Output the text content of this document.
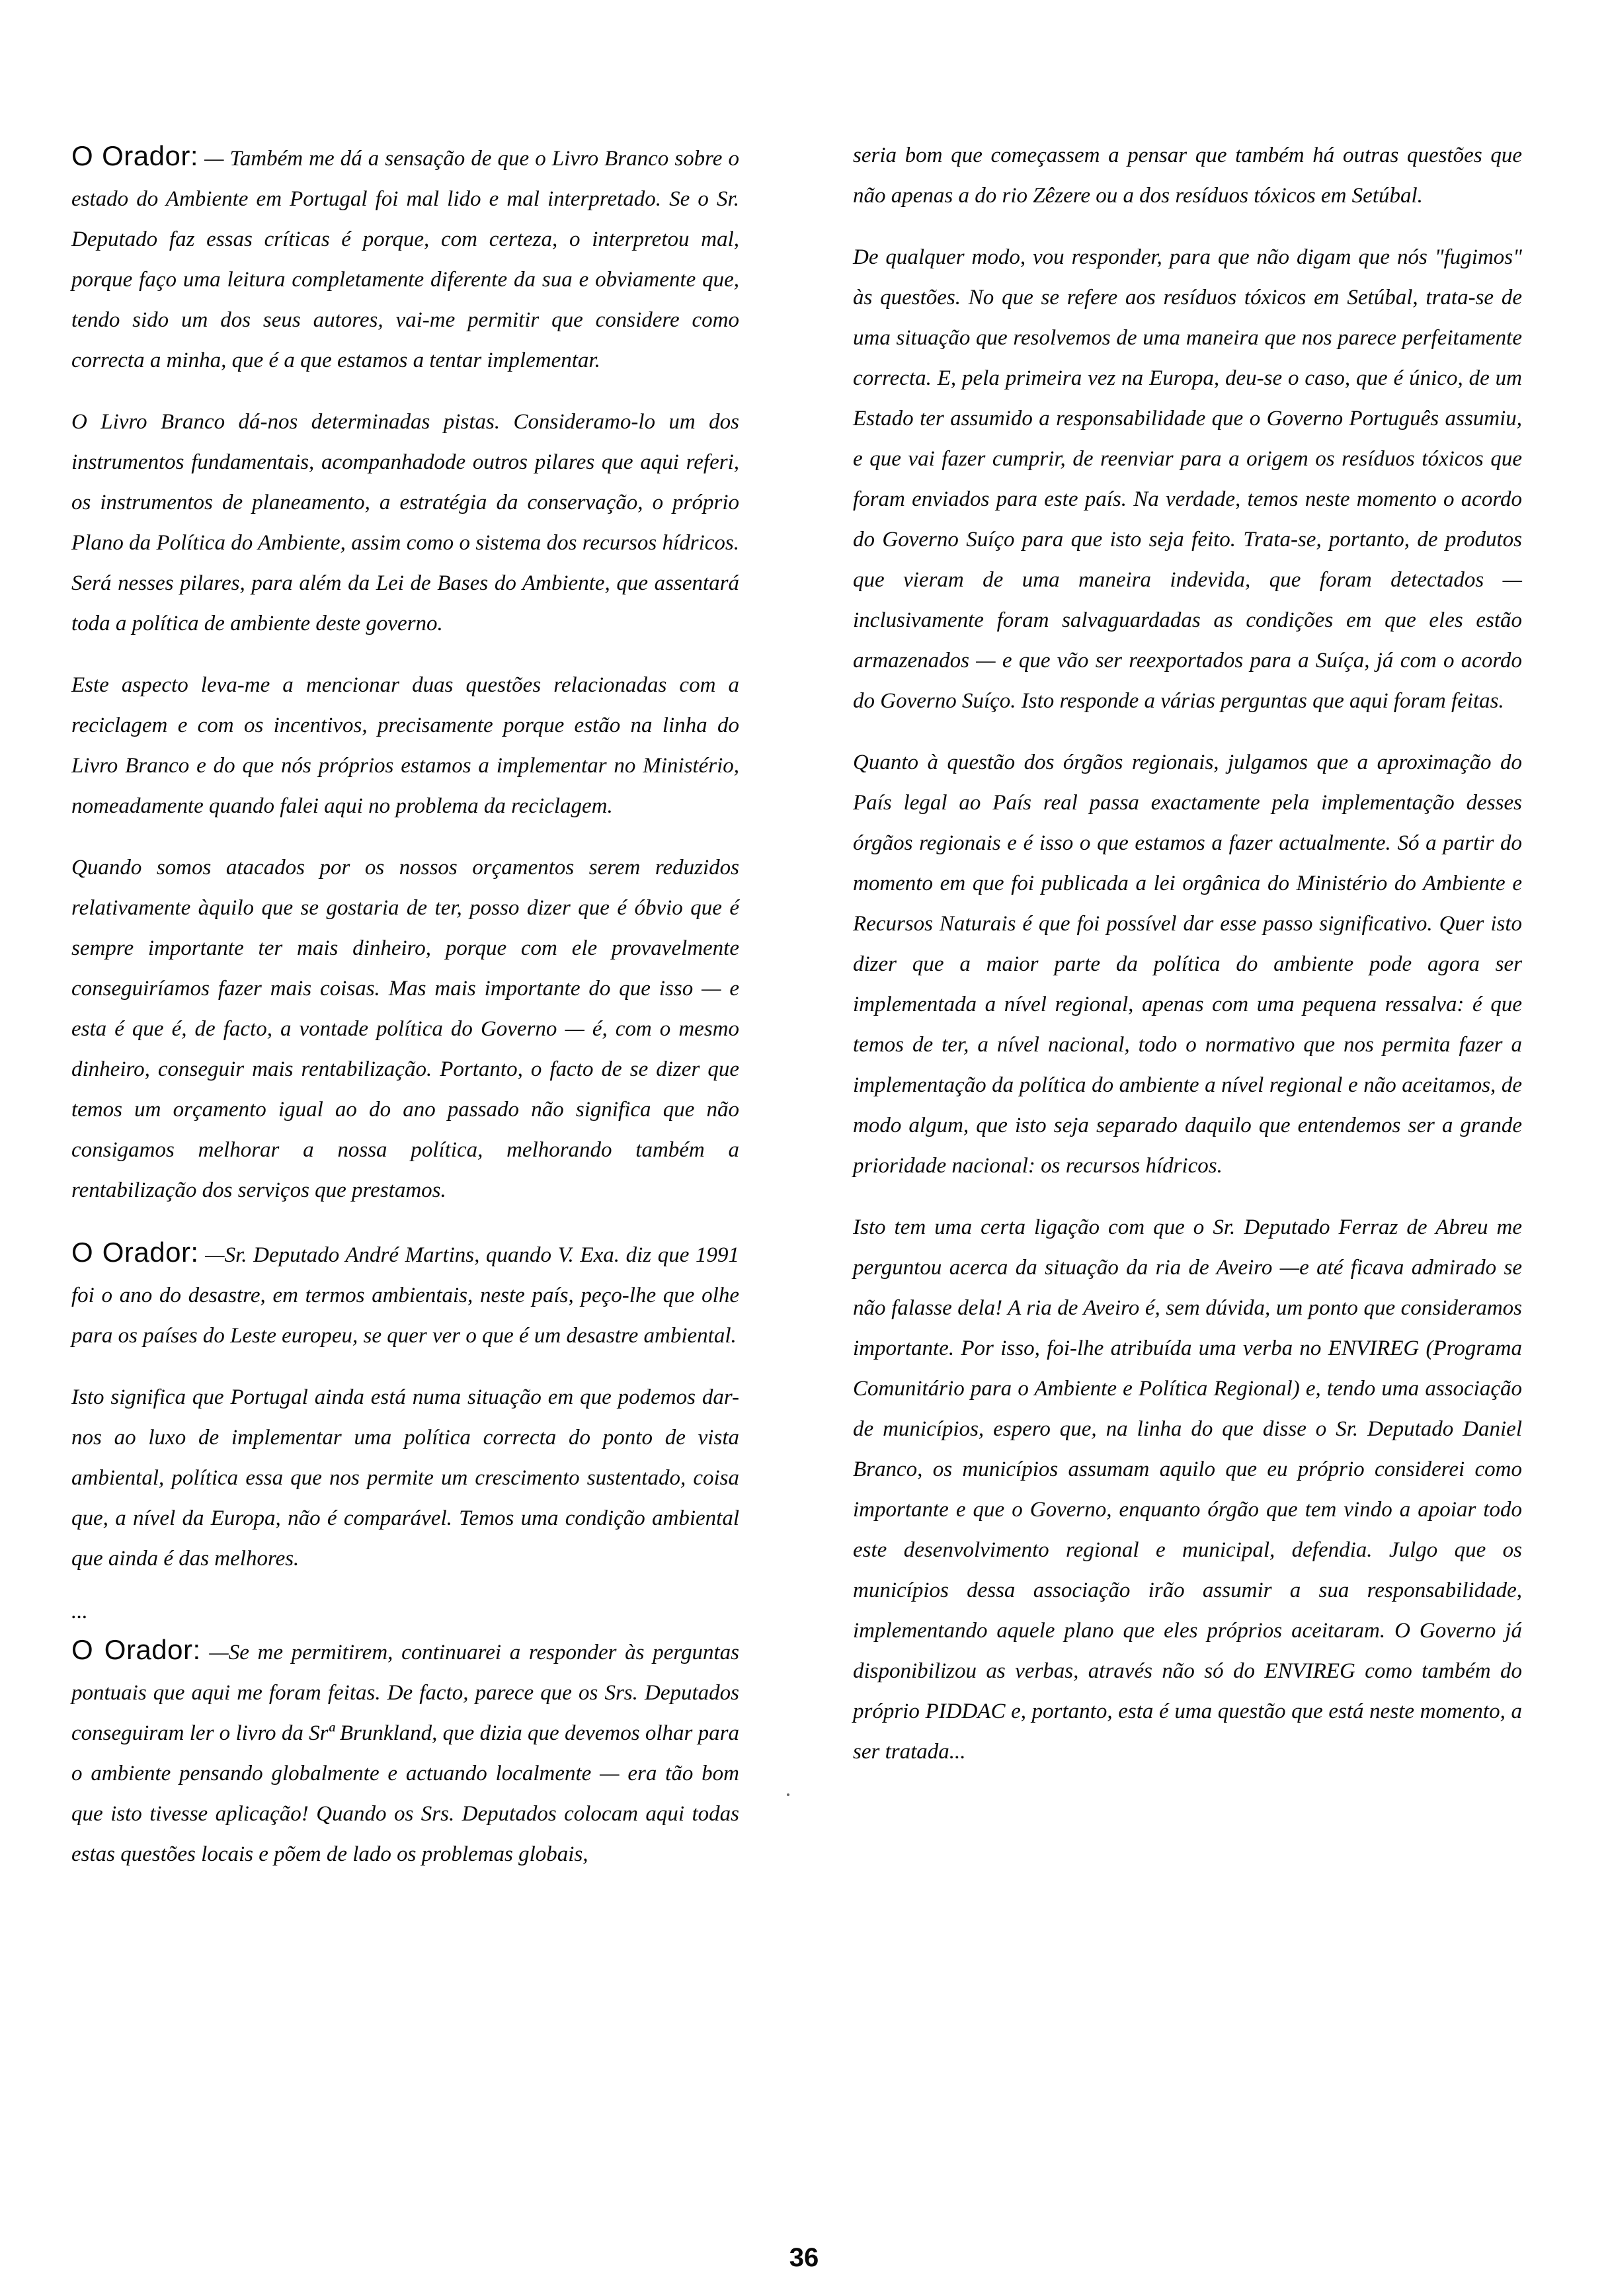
O Orador: — Também me dá a sensação de que o Livro Branco sobre o estado do Ambiente em Portugal foi mal lido e mal interpretado. Se o Sr. Deputado faz essas críticas é porque, com certeza, o interpretou mal, porque faço uma leitura completamente diferente da sua e obviamente que, tendo sido um dos seus autores, vai-me permitir que considere como correcta a minha, que é a que estamos a tentar implementar.

O Livro Branco dá-nos determinadas pistas. Consideramo-lo um dos instrumentos fundamentais, acompanhadode outros pilares que aqui referi, os instrumentos de planeamento, a estratégia da conservação, o próprio Plano da Política do Ambiente, assim como o sistema dos recursos hídricos. Será nesses pilares, para além da Lei de Bases do Ambiente, que assentará toda a política de ambiente deste governo.

Este aspecto leva-me a mencionar duas questões relacionadas com a reciclagem e com os incentivos, precisamente porque estão na linha do Livro Branco e do que nós próprios estamos a implementar no Ministério, nomeadamente quando falei aqui no problema da reciclagem.

Quando somos atacados por os nossos orçamentos serem reduzidos relativamente àquilo que se gostaria de ter, posso dizer que é óbvio que é sempre importante ter mais dinheiro, porque com ele provavelmente conseguiríamos fazer mais coisas. Mas mais importante do que isso — e esta é que é, de facto, a vontade política do Governo — é, com o mesmo dinheiro, conseguir mais rentabilização. Portanto, o facto de se dizer que temos um orçamento igual ao do ano passado não significa que não consigamos melhorar a nossa política, melhorando também a rentabilização dos serviços que prestamos.

O Orador: —Sr. Deputado André Martins, quando V. Exa. diz que 1991 foi o ano do desastre, em termos ambientais, neste país, peço-lhe que olhe para os países do Leste europeu, se quer ver o que é um desastre ambiental.

Isto significa que Portugal ainda está numa situação em que podemos dar-nos ao luxo de implementar uma política correcta do ponto de vista ambiental, política essa que nos permite um crescimento sustentado, coisa que, a nível da Europa, não é comparável. Temos uma condição ambiental que ainda é das melhores.

...

O Orador: —Se me permitirem, continuarei a responder às perguntas pontuais que aqui me foram feitas. De facto, parece que os Srs. Deputados conseguiram ler o livro da Srª Brunkland, que dizia que devemos olhar para o ambiente pensando globalmente e actuando localmente — era tão bom que isto tivesse aplicação! Quando os Srs. Deputados colocam aqui todas estas questões locais e põem de lado os problemas globais,

seria bom que começassem a pensar que também há outras questões que não apenas a do rio Zêzere ou a dos resíduos tóxicos em Setúbal.

De qualquer modo, vou responder, para que não digam que nós "fugimos" às questões. No que se refere aos resíduos tóxicos em Setúbal, trata-se de uma situação que resolvemos de uma maneira que nos parece perfeitamente correcta. E, pela primeira vez na Europa, deu-se o caso, que é único, de um Estado ter assumido a responsabilidade que o Governo Português assumiu, e que vai fazer cumprir, de reenviar para a origem os resíduos tóxicos que foram enviados para este país. Na verdade, temos neste momento o acordo do Governo Suíço para que isto seja feito. Trata-se, portanto, de produtos que vieram de uma maneira indevida, que foram detectados — inclusivamente foram salvaguardadas as condições em que eles estão armazenados — e que vão ser reexportados para a Suíça, já com o acordo do Governo Suíço. Isto responde a várias perguntas que aqui foram feitas.

Quanto à questão dos órgãos regionais, julgamos que a aproximação do País legal ao País real passa exactamente pela implementação desses órgãos regionais e é isso o que estamos a fazer actualmente. Só a partir do momento em que foi publicada a lei orgânica do Ministério do Ambiente e Recursos Naturais é que foi possível dar esse passo significativo. Quer isto dizer que a maior parte da política do ambiente pode agora ser implementada a nível regional, apenas com uma pequena ressalva: é que temos de ter, a nível nacional, todo o normativo que nos permita fazer a implementação da política do ambiente a nível regional e não aceitamos, de modo algum, que isto seja separado daquilo que entendemos ser a grande prioridade nacional: os recursos hídricos.

Isto tem uma certa ligação com que o Sr. Deputado Ferraz de Abreu me perguntou acerca da situação da ria de Aveiro —e até ficava admirado se não falasse dela! A ria de Aveiro é, sem dúvida, um ponto que consideramos importante. Por isso, foi-lhe atribuída uma verba no ENVIREG (Programa Comunitário para o Ambiente e Política Regional) e, tendo uma associação de municípios, espero que, na linha do que disse o Sr. Deputado Daniel Branco, os municípios assumam aquilo que eu próprio considerei como importante e que o Governo, enquanto órgão que tem vindo a apoiar todo este desenvolvimento regional e municipal, defendia. Julgo que os municípios dessa associação irão assumir a sua responsabilidade, implementando aquele plano que eles próprios aceitaram. O Governo já disponibilizou as verbas, através não só do ENVIREG como também do próprio PIDDAC e, portanto, esta é uma questão que está neste momento, a ser tratada...

36
